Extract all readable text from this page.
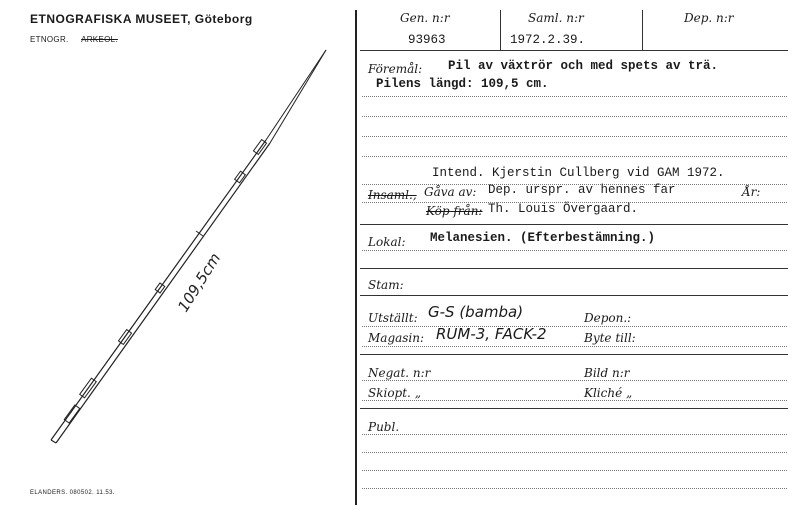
ETNOGRAFISKA MUSEET, Göteborg
ETNOGR. ARKEOL.
ELANDERS. 080502. 11.53.
109,5cm
Gen. n:r	Saml. n:r	Dep. n:r
93963	1972.2.39.
Föremål: Pil av växtrör och med spets av trä.
Pilens längd: 109,5 cm.
Intend. Kjerstin Cullberg vid GAM 1972.
Insaml., Gåva av: Dep. urspr. av hennes far	År:
Köp från: Th. Louis Övergaard.
Lokal: Melanesien. (Efterbestämning.)
Stam:
Utställt: G-S (bamba)	Depon.:
Magasin: RUM-3, FACK-2	Byte till:
Negat. n:r	Bild n:r
Skiopt. „	Kliché „
Publ.
